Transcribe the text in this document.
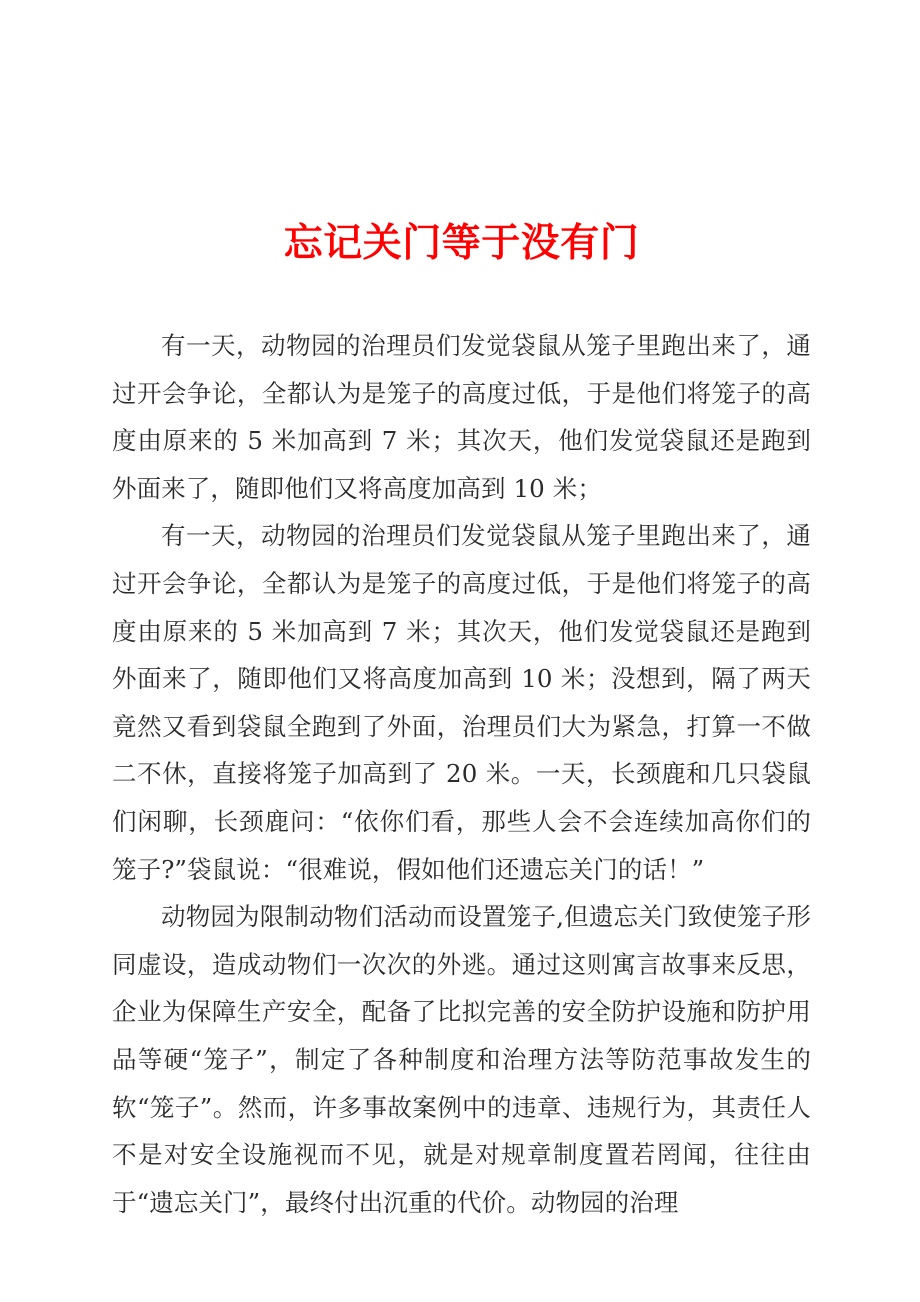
忘记关门等于没有门

有一天，动物园的治理员们发觉袋鼠从笼子里跑出来了，通过开会争论，全都认为是笼子的高度过低，于是他们将笼子的高度由原来的 5 米加高到 7 米；其次天，他们发觉袋鼠还是跑到外面来了，随即他们又将高度加高到 10 米；

有一天，动物园的治理员们发觉袋鼠从笼子里跑出来了，通过开会争论，全都认为是笼子的高度过低，于是他们将笼子的高度由原来的 5 米加高到 7 米；其次天，他们发觉袋鼠还是跑到外面来了，随即他们又将高度加高到 10 米；没想到，隔了两天竟然又看到袋鼠全跑到了外面，治理员们大为紧急，打算一不做二不休，直接将笼子加高到了 20 米。一天，长颈鹿和几只袋鼠们闲聊，长颈鹿问：“依你们看，那些人会不会连续加高你们的笼子?”袋鼠说：“很难说，假如他们还遗忘关门的话！”

动物园为限制动物们活动而设置笼子,但遗忘关门致使笼子形同虚设，造成动物们一次次的外逃。通过这则寓言故事来反思，企业为保障生产安全，配备了比拟完善的安全防护设施和防护用品等硬“笼子”，制定了各种制度和治理方法等防范事故发生的软“笼子”。然而，许多事故案例中的违章、违规行为，其责任人不是对安全设施视而不见，就是对规章制度置若罔闻，往往由于“遗忘关门”，最终付出沉重的代价。动物园的治理
